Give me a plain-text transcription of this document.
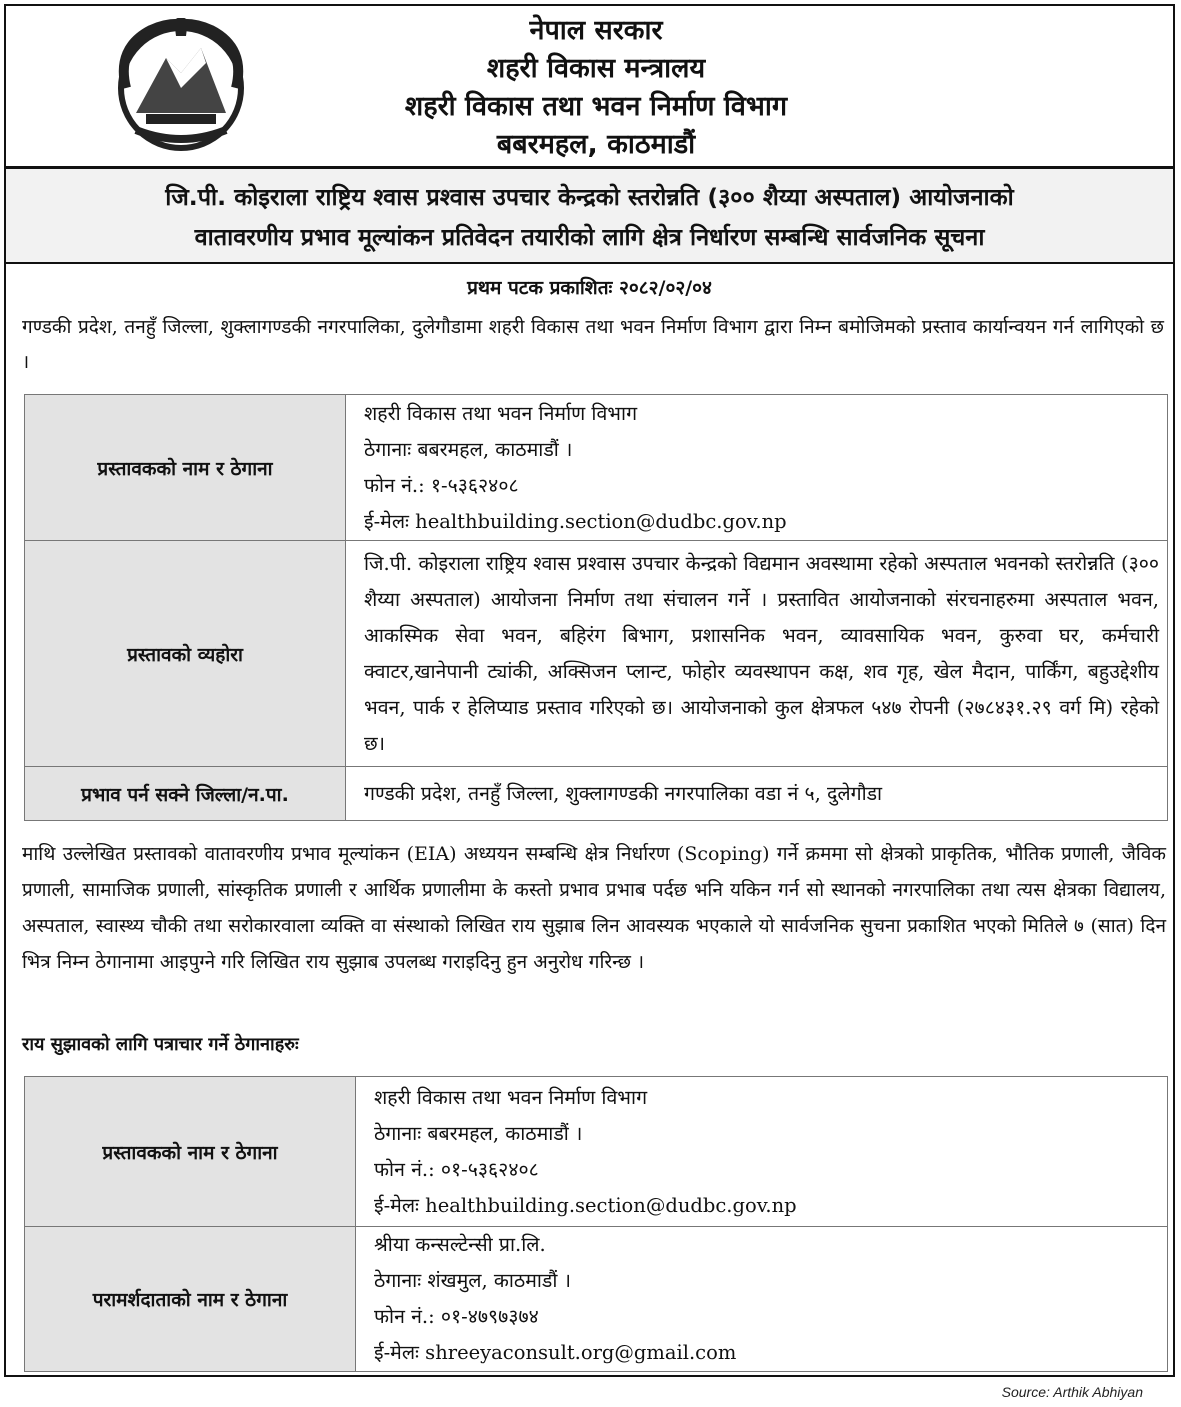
नेपाल सरकार
शहरी विकास मन्त्रालय
शहरी विकास तथा भवन निर्माण विभाग
बबरमहल, काठमाडौं
जि.पी. कोइराला राष्ट्रिय श्वास प्रश्वास उपचार केन्द्रको स्तरोन्नति (३०० शैय्या अस्पताल) आयोजनाको
वातावरणीय प्रभाव मूल्यांकन प्रतिवेदन तयारीको लागि क्षेत्र निर्धारण सम्बन्धि सार्वजनिक सूचना
प्रथम पटक प्रकाशितः २०८२/०२/०४
गण्डकी प्रदेश, तनहुँ जिल्ला, शुक्लागण्डकी नगरपालिका, दुलेगौडामा शहरी विकास तथा भवन निर्माण विभाग द्वारा निम्न बमोजिमको प्रस्ताव कार्यान्वयन गर्न लागिएको छ ।
प्रस्तावकको नाम र ठेगाना	शहरी विकास तथा भवन निर्माण विभाग
ठेगानाः बबरमहल, काठमाडौं ।
फोन नं.: १-५३६२४०८
ई-मेलः healthbuilding.section@dudbc.gov.np

प्रस्तावको व्यहोरा	जि.पी. कोइराला राष्ट्रिय श्वास प्रश्वास उपचार केन्द्रको विद्यमान अवस्थामा रहेको अस्पताल भवनको स्तरोन्नति (३०० शैय्या अस्पताल) आयोजना निर्माण तथा संचालन गर्ने । प्रस्तावित आयोजनाको संरचनाहरुमा अस्पताल भवन, आकस्मिक सेवा भवन, बहिरंग बिभाग, प्रशासनिक भवन, व्यावसायिक भवन, कुरुवा घर, कर्मचारी क्वाटर,खानेपानी ट्यांकी, अक्सिजन प्लान्ट, फोहोर व्यवस्थापन कक्ष, शव गृह, खेल मैदान, पार्किंग, बहुउद्देशीय भवन, पार्क र हेलिप्याड प्रस्ताव गरिएको छ। आयोजनाको कुल क्षेत्रफल ५४७ रोपनी (२७८४३१.२९ वर्ग मि) रहेको छ।
प्रभाव पर्न सक्ने जिल्ला/न.पा.	गण्डकी प्रदेश, तनहुँ जिल्ला, शुक्लागण्डकी नगरपालिका वडा नं ५, दुलेगौडा
माथि उल्लेखित प्रस्तावको वातावरणीय प्रभाव मूल्यांकन (EIA) अध्ययन सम्बन्धि क्षेत्र निर्धारण (Scoping) गर्ने क्रममा सो क्षेत्रको प्राकृतिक, भौतिक प्रणाली, जैविक प्रणाली, सामाजिक प्रणाली, सांस्कृतिक प्रणाली र आर्थिक प्रणालीमा के कस्तो प्रभाव प्रभाब पर्दछ भनि यकिन गर्न सो स्थानको नगरपालिका तथा त्यस क्षेत्रका विद्यालय, अस्पताल, स्वास्थ्य चौकी तथा सरोकारवाला व्यक्ति वा संस्थाको लिखित राय सुझाब लिन आवस्यक भएकाले यो सार्वजनिक सुचना प्रकाशित भएको मितिले ७ (सात) दिन भित्र निम्न ठेगानामा आइपुग्ने गरि लिखित राय सुझाब उपलब्ध गराइदिनु हुन अनुरोध गरिन्छ ।
राय सुझावको लागि पत्राचार गर्ने ठेगानाहरुः
प्रस्तावकको नाम र ठेगाना	शहरी विकास तथा भवन निर्माण विभाग
ठेगानाः बबरमहल, काठमाडौं ।
फोन नं.: ०१-५३६२४०८
ई-मेलः healthbuilding.section@dudbc.gov.np

परामर्शदाताको नाम र ठेगाना	श्रीया कन्सल्टेन्सी प्रा.लि.
ठेगानाः शंखमुल, काठमाडौं ।
फोन नं.: ०१-४७९७३७४
ई-मेलः shreeyaconsult.org@gmail.com
Source: Arthik Abhiyan
